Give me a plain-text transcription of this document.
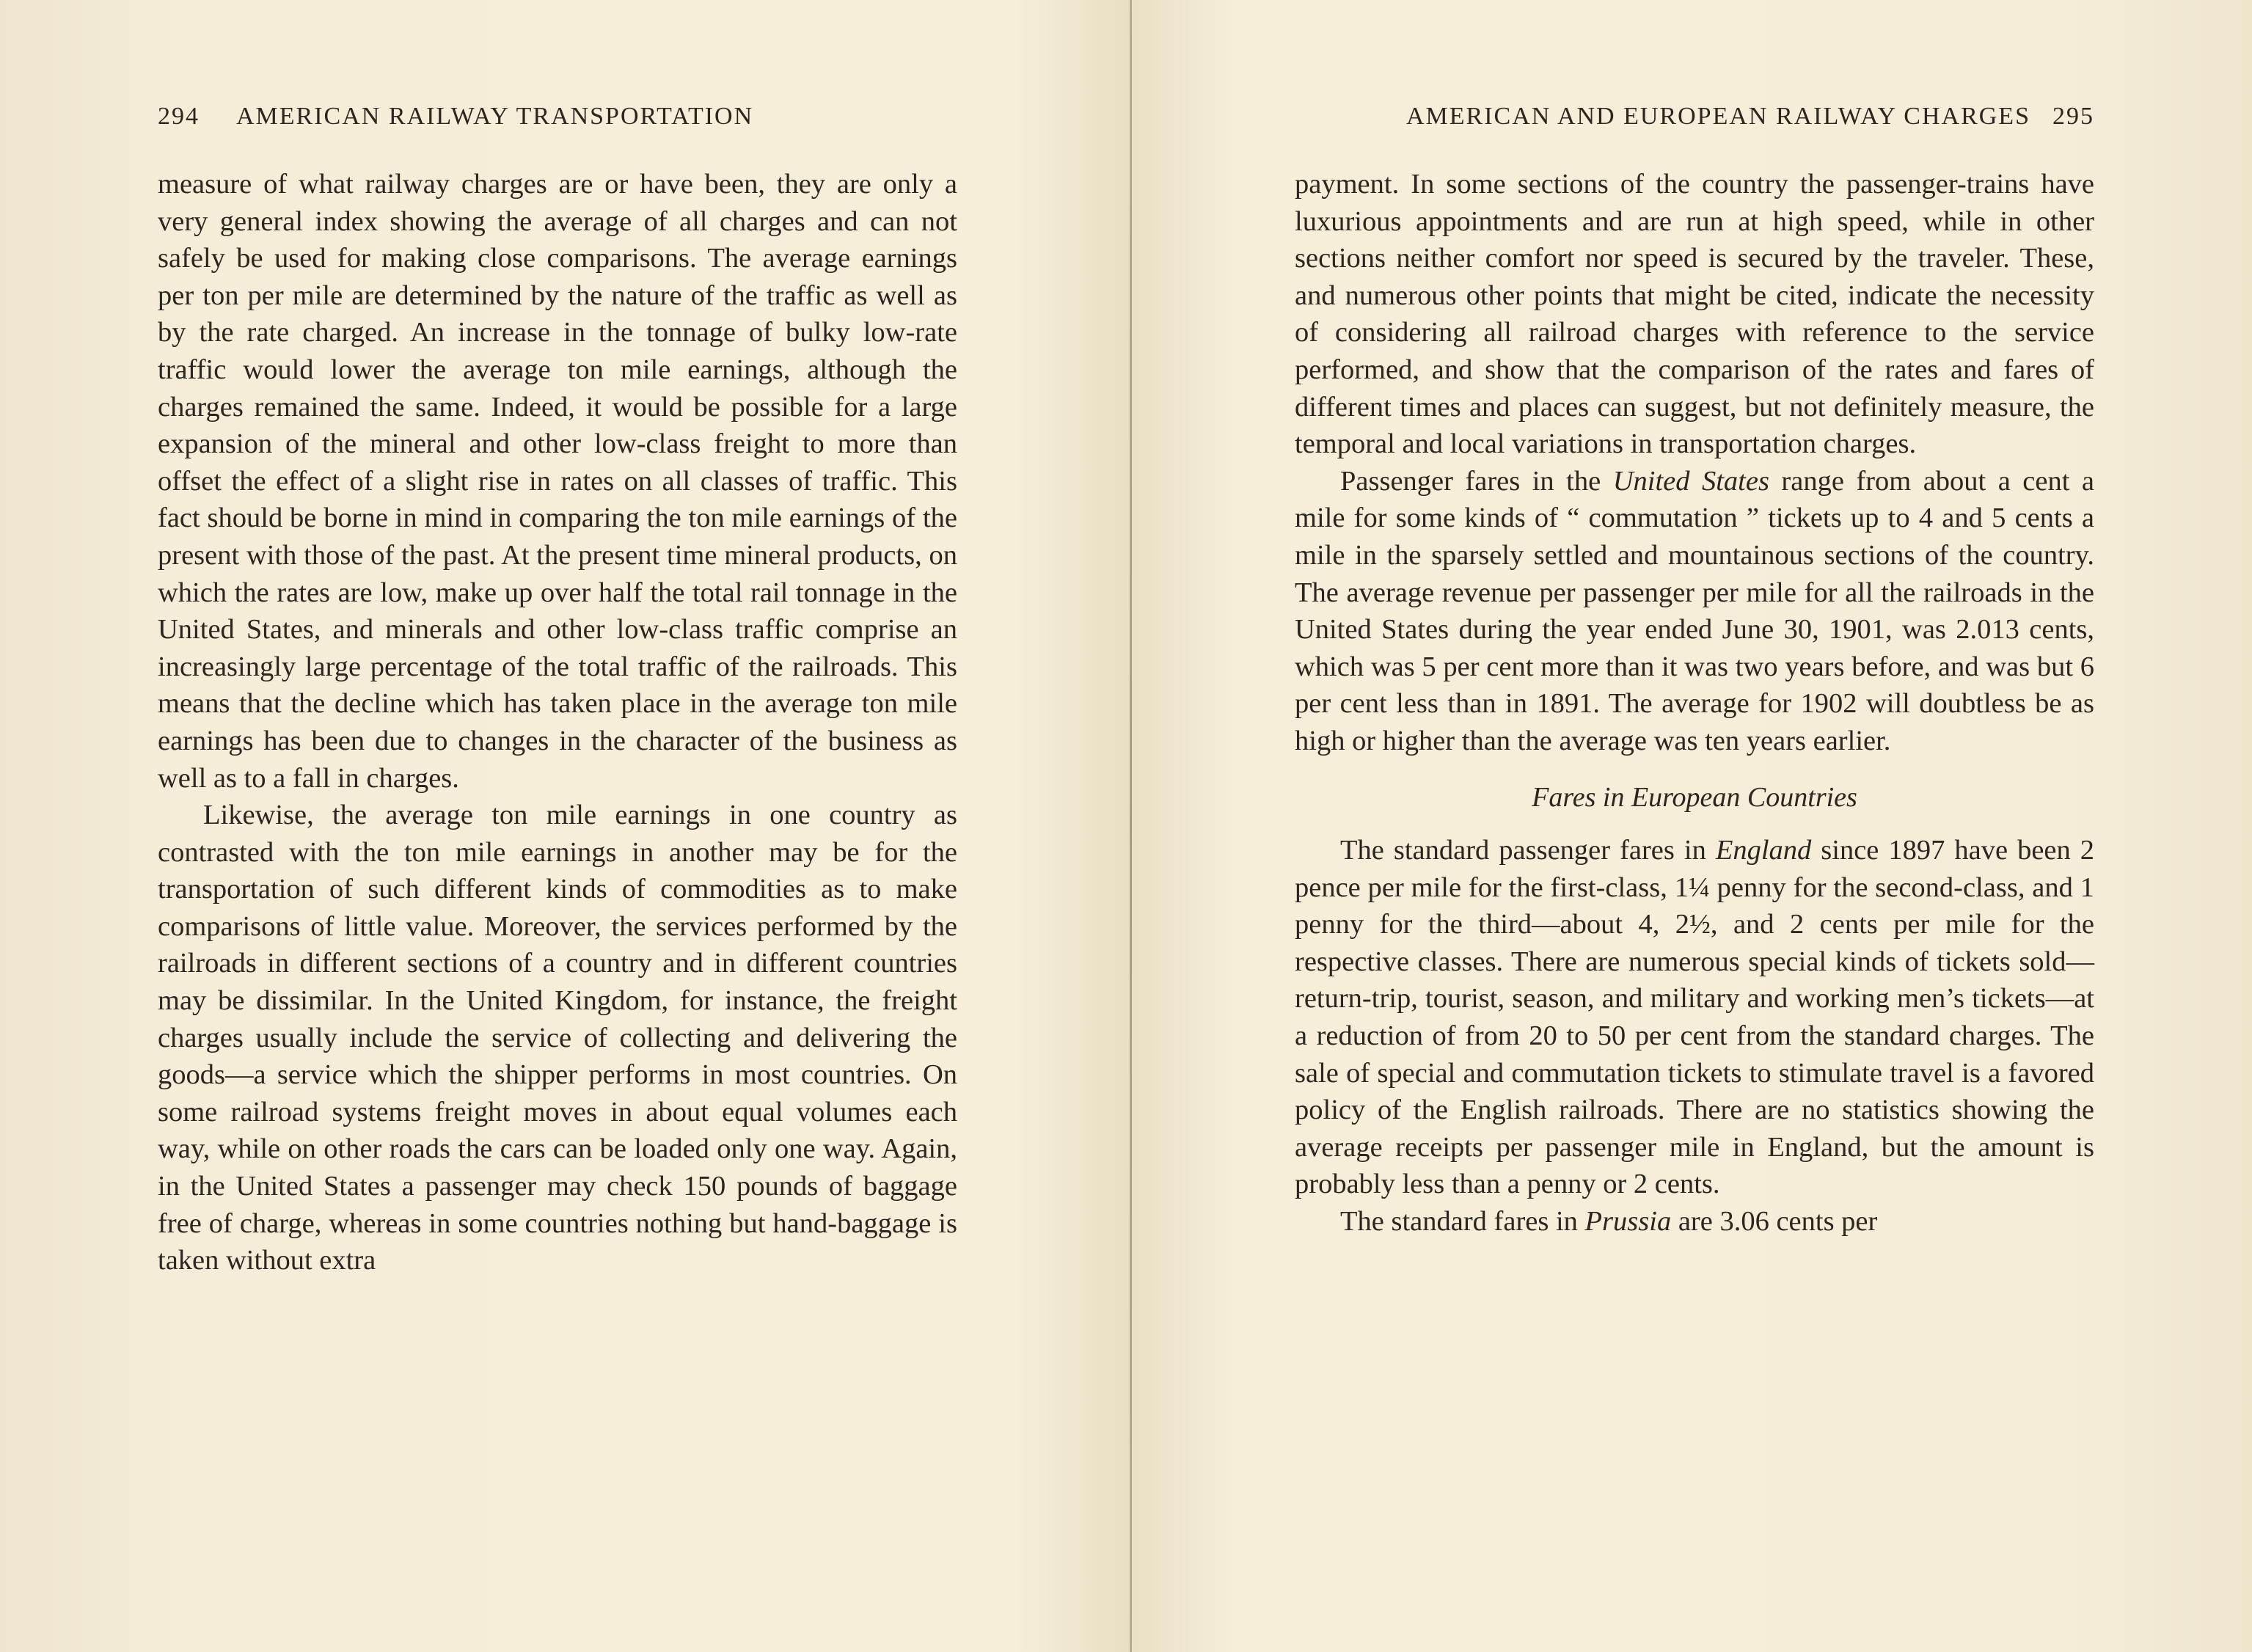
294 AMERICAN RAILWAY TRANSPORTATION

measure of what railway charges are or have been, they are only a very general index showing the average of all charges and can not safely be used for making close comparisons. The average earnings per ton per mile are determined by the nature of the traffic as well as by the rate charged. An increase in the tonnage of bulky low-rate traffic would lower the average ton mile earnings, although the charges remained the same. Indeed, it would be possible for a large expansion of the mineral and other low-class freight to more than offset the effect of a slight rise in rates on all classes of traffic. This fact should be borne in mind in comparing the ton mile earnings of the present with those of the past. At the present time mineral products, on which the rates are low, make up over half the total rail tonnage in the United States, and minerals and other low-class traffic comprise an increasingly large percentage of the total traffic of the railroads. This means that the decline which has taken place in the average ton mile earnings has been due to changes in the character of the business as well as to a fall in charges.

Likewise, the average ton mile earnings in one country as contrasted with the ton mile earnings in another may be for the transportation of such different kinds of commodities as to make comparisons of little value. Moreover, the services performed by the railroads in different sections of a country and in different countries may be dissimilar. In the United Kingdom, for instance, the freight charges usually include the service of collecting and delivering the goods—a service which the shipper performs in most countries. On some railroad systems freight moves in about equal volumes each way, while on other roads the cars can be loaded only one way. Again, in the United States a passenger may check 150 pounds of baggage free of charge, whereas in some countries nothing but hand-baggage is taken without extra

AMERICAN AND EUROPEAN RAILWAY CHARGES 295

payment. In some sections of the country the passenger-trains have luxurious appointments and are run at high speed, while in other sections neither comfort nor speed is secured by the traveler. These, and numerous other points that might be cited, indicate the necessity of considering all railroad charges with reference to the service performed, and show that the comparison of the rates and fares of different times and places can suggest, but not definitely measure, the temporal and local variations in transportation charges.

Passenger fares in the United States range from about a cent a mile for some kinds of “ commutation ” tickets up to 4 and 5 cents a mile in the sparsely settled and mountainous sections of the country. The average revenue per passenger per mile for all the railroads in the United States during the year ended June 30, 1901, was 2.013 cents, which was 5 per cent more than it was two years before, and was but 6 per cent less than in 1891. The average for 1902 will doubtless be as high or higher than the average was ten years earlier.

Fares in European Countries

The standard passenger fares in England since 1897 have been 2 pence per mile for the first-class, 1¼ penny for the second-class, and 1 penny for the third—about 4, 2½, and 2 cents per mile for the respective classes. There are numerous special kinds of tickets sold—return-trip, tourist, season, and military and working men’s tickets—at a reduction of from 20 to 50 per cent from the standard charges. The sale of special and commutation tickets to stimulate travel is a favored policy of the English railroads. There are no statistics showing the average receipts per passenger mile in England, but the amount is probably less than a penny or 2 cents.

The standard fares in Prussia are 3.06 cents per
